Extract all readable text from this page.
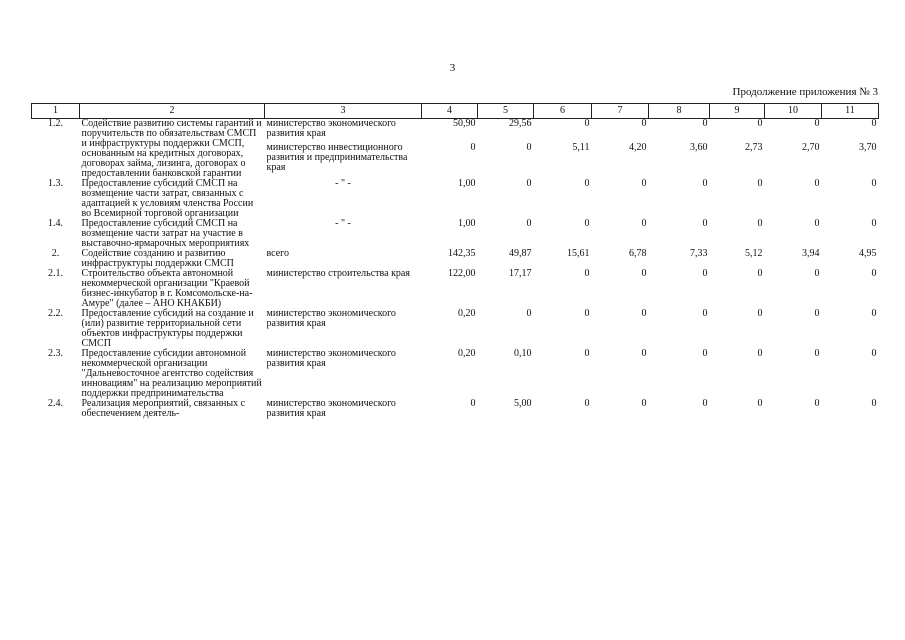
3
Продолжение приложения № 3
1	2	3	4	5	6	7	8	9	10	11
1.2.	Содействие развитию системы гарантий и поручительств по обязательствам СМСП и инфраструктуры поддержки СМСП, основанным на кредитных договорах, договорах займа, лизинга, договорах о предоставлении банковской гарантии	министерство экономического развития края	50,90	29,56	0	0	0	0	0	0
		министерство инвестиционного развития и предпринимательства края	0	0	5,11	4,20	3,60	2,73	2,70	3,70
1.3.	Предоставление субсидий СМСП на возмещение части затрат, связанных с адаптацией к условиям членства России во Всемирной торговой организации	- " -	1,00	0	0	0	0	0	0	0
1.4.	Предоставление субсидий СМСП на возмещение части затрат на участие в выставочно-ярмарочных мероприятиях	- " -	1,00	0	0	0	0	0	0	0
2.	Содействие созданию и развитию инфраструктуры поддержки СМСП	всего	142,35	49,87	15,61	6,78	7,33	5,12	3,94	4,95
2.1.	Строительство объекта автономной некоммерческой организации "Краевой бизнес-инкубатор в г. Комсомольске-на-Амуре" (далее – АНО КНАКБИ)	министерство строительства края	122,00	17,17	0	0	0	0	0	0
2.2.	Предоставление субсидий на создание и (или) развитие территориальной сети объектов инфраструктуры поддержки СМСП	министерство экономического развития края	0,20	0	0	0	0	0	0	0
2.3.	Предоставление субсидии автономной некоммерческой организации "Дальневосточное агентство содействия инновациям" на реализацию мероприятий поддержки предпринимательства	министерство экономического развития края	0,20	0,10	0	0	0	0	0	0
2.4.	Реализация мероприятий, связанных с обеспечением деятель-	министерство экономического развития края	0	5,00	0	0	0	0	0	0
